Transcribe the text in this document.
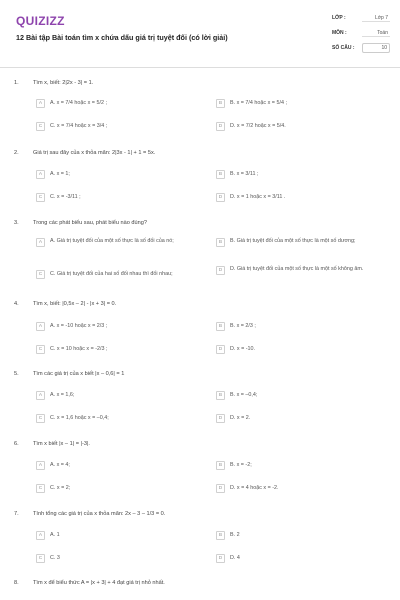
QUIZIZZ
12 Bài tập Bài toán tìm x chứa dấu giá trị tuyệt đối (có lời giải)
LỚP :	Lớp 7
MÔN :	Toán
SỐ CÂU :	10
1.	Tìm x, biết: 2|2x - 3| = 1.
A	A. x = 7/4 hoặc x = 5/2 ;	B	B. x = 7/4 hoặc x = 5/4 ;
C	C. x = 7/4 hoặc x = 3/4 ;	D	D. x = 7/2 hoặc x = 5/4.
2.	Giá trị sau đây của x thỏa mãn: 2|3x - 1| + 1 = 5x.
A	A. x = 1;	B	B. x = 3/11 ;
C	C. x = -3/11 ;	D	D. x = 1 hoặc x = 3/11 .
3.	Trong các phát biểu sau, phát biểu nào đúng?
A	A. Giá trị tuyệt đối của một số thực là số đối của nó;	B	B. Giá trị tuyệt đối của một số thực là một số dương;
C	C. Giá trị tuyệt đối của hai số đối nhau thì đối nhau;
D	D. Giá trị tuyệt đối của một số thực là một số không âm.
4.	Tìm x, biết: |0,5x – 2| - |x + 3| = 0.
A	A. x = -10 hoặc x = 2/3 ;	B	B. x = 2/3 ;
C	C. x = 10 hoặc x = -2/3 ;	D	D. x = -10.
5.	Tìm các giá trị của x biết |x – 0,6| = 1
A	A. x = 1,6;	B	B. x = –0,4;
C	C. x = 1,6 hoặc x = –0,4;	D	D. x = 2.
6.	Tìm x biết |x – 1| = |-3|.
A	A. x = 4;	B	B. x = -2;
C	C. x = 2;	D	D. x = 4 hoặc x = -2.
7.	Tính tổng các giá trị của x thỏa mãn: 2x – 3 – 1/3 = 0.
A	A. 1	B	B. 2
C	C. 3	D	D. 4
8.	Tìm x để biểu thức A = |x + 3| + 4 đạt giá trị nhỏ nhất.
